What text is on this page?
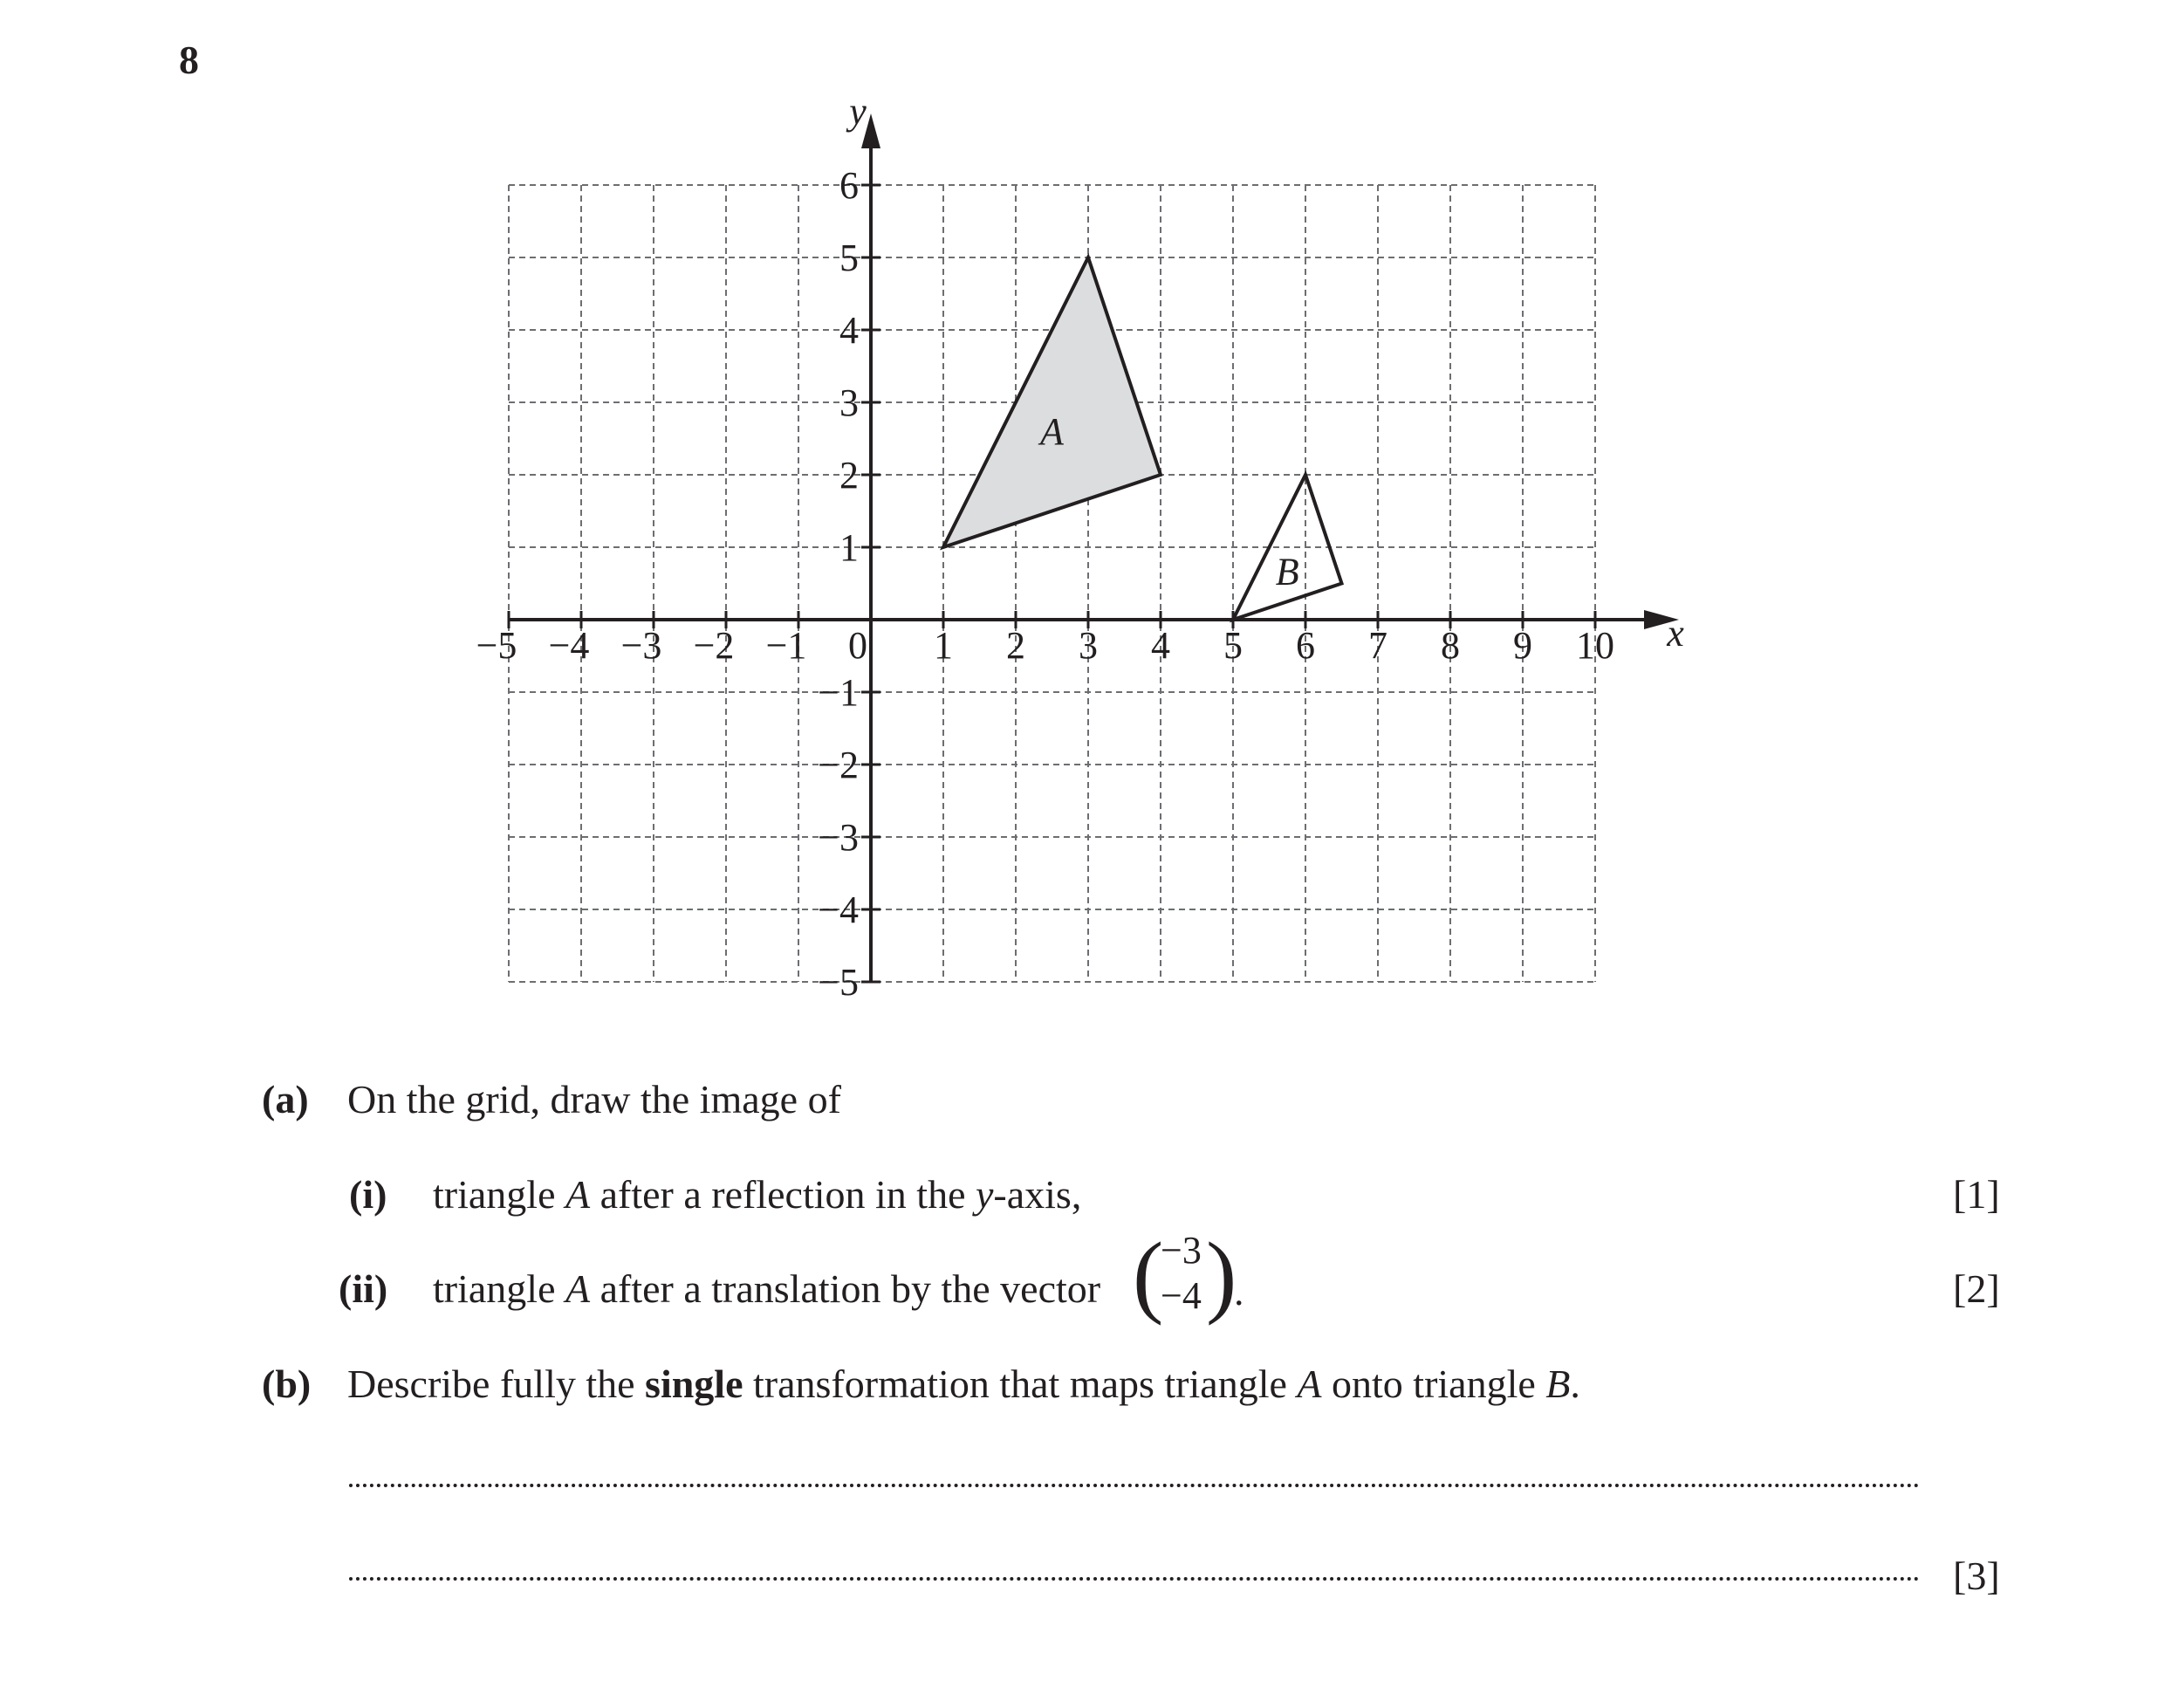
8
A
B
x
y
−5 −4 −3 −2 −1 0 1 2 3 4 5 6 7 8 9 10
1
2
3
4
5
6
−1
−2
−3
−4
−5
(a) On the grid, draw the image of
(i) triangle A after a reflection in the y-axis,	[1]
(ii) triangle A after a translation by the vector (
−3
−4 )
.	[2]
(b) Describe fully the single transformation that maps triangle A onto triangle B.
[3]
